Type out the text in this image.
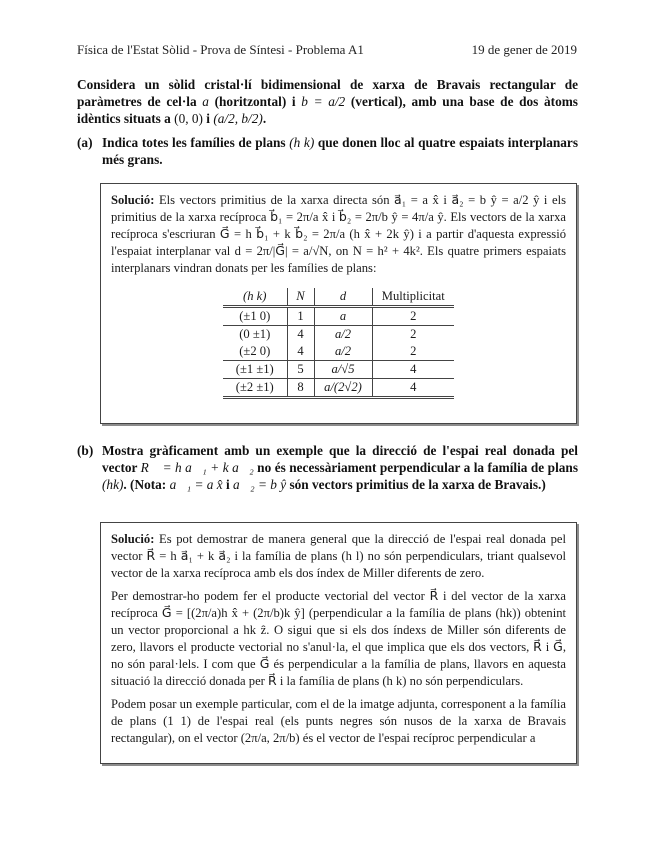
Física de l'Estat Sòlid - Prova de Síntesi - Problema A1	19 de gener de 2019
Considera un sòlid cristal·lí bidimensional de xarxa de Bravais rectangular de paràmetres de cel·la a (horitzontal) i b = a/2 (vertical), amb una base de dos àtoms idèntics situats a (0, 0) i (a/2, b/2).
(a) Indica totes les famílies de plans (h k) que donen lloc al quatre espaiats interplanars més grans.

Solució: Els vectors primitius de la xarxa directa són a⃗₁ = a x̂ i a⃗₂ = b ŷ = a/2 ŷ i els primitius de la xarxa recíproca b⃗₁ = 2π/a x̂ i b⃗₂ = 2π/b ŷ = 4π/a ŷ. Els vectors de la xarxa recíproca s'escriuran G⃗ = h b⃗₁ + k b⃗₂ = 2π/a (h x̂ + 2k ŷ) i a partir d'aquesta expressió l'espaiat interplanar val d = 2π/|G⃗| = a/√N, on N = h² + 4k². Els quatre primers espaiats interplanars vindran donats per les famílies de plans:

(h k)	N	d	Multiplicitat
(±1 0)	1	a	2
(0 ±1)	4	a/2	2
(±2 0)	4	a/2	2
(±1 ±1)	5	a/√5	4
(±2 ±1)	8	a/(2√2)	4
(b) Mostra gràficament amb un exemple que la direcció de l'espai real donada pel vector R⃗ = h a⃗₁ + k a⃗₂ no és necessàriament perpendicular a la família de plans (hk). (Nota: a⃗₁ = a x̂ i a⃗₂ = b ŷ són vectors primitius de la xarxa de Bravais.)

Solució: Es pot demostrar de manera general que la direcció de l'espai real donada pel vector R⃗ = h a⃗₁ + k a⃗₂ i la família de plans (h l) no són perpendiculars, triant qualsevol vector de la xarxa recíproca amb els dos índex de Miller diferents de zero.

Per demostrar-ho podem fer el producte vectorial del vector R⃗ i del vector de la xarxa recíproca G⃗ = [(2π/a)h x̂ + (2π/b)k ŷ] (perpendicular a la família de plans (hk)) obtenint un vector proporcional a hk ẑ. O sigui que si els dos índexs de Miller són diferents de zero, llavors el producte vectorial no s'anul·la, el que implica que els dos vectors, R⃗ i G⃗, no són paral·lels. I com que G⃗ és perpendicular a la família de plans, llavors en aquesta situació la direcció donada per R⃗ i la família de plans (h k) no són perpendiculars.

Podem posar un exemple particular, com el de la imatge adjunta, corresponent a la família de plans (1 1) de l'espai real (els punts negres són nusos de la xarxa de Bravais rectangular), on el vector (2π/a, 2π/b) és el vector de l'espai recíproc perpendicular a
